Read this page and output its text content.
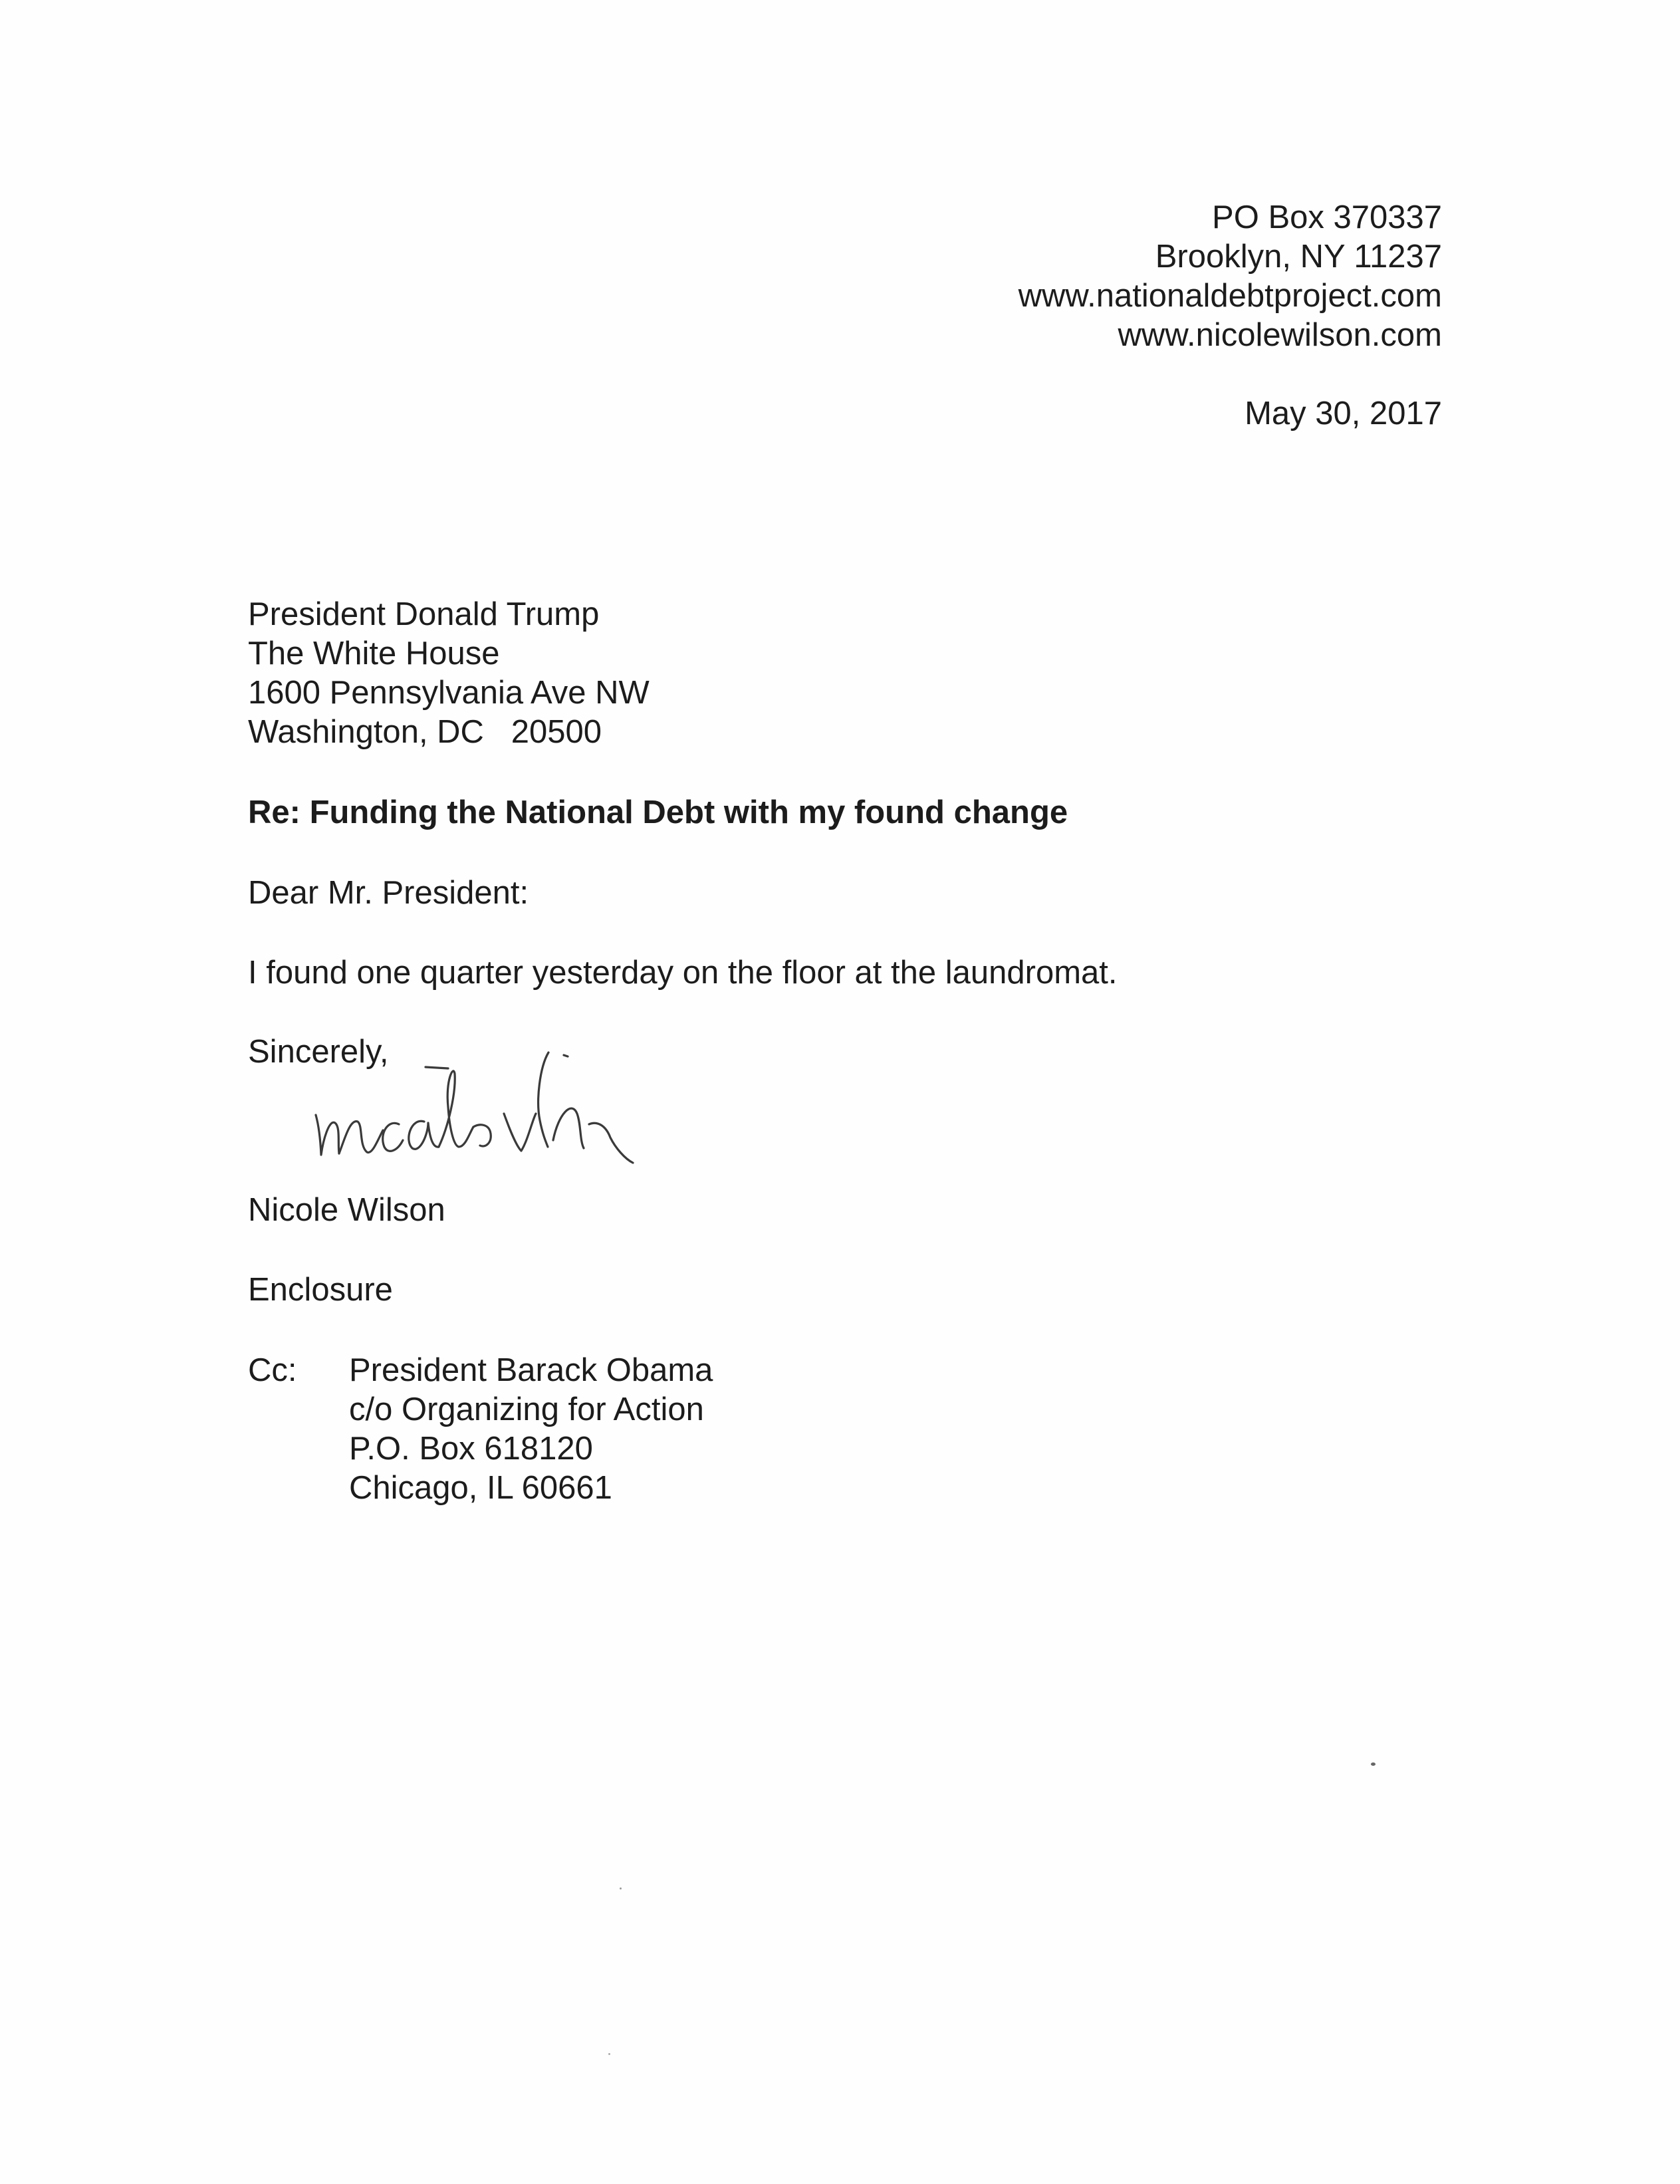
PO Box 370337
Brooklyn, NY 11237
www.nationaldebtproject.com
www.nicolewilson.com
May 30, 2017
President Donald Trump
The White House
1600 Pennsylvania Ave NW
Washington, DC   20500
Re: Funding the National Debt with my found change
Dear Mr. President:
I found one quarter yesterday on the floor at the laundromat.
Sincerely,
Nicole Wilson
Enclosure
Cc: President Barack Obama
c/o Organizing for Action
P.O. Box 618120
Chicago, IL 60661
